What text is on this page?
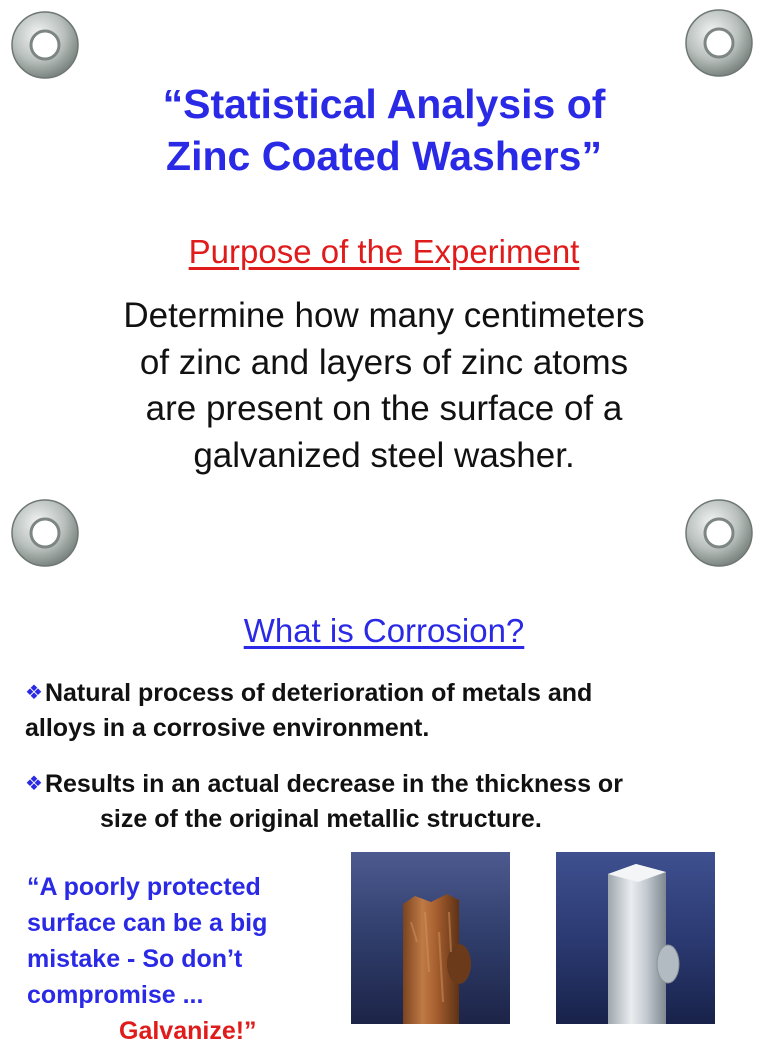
“Statistical Analysis of
Zinc Coated Washers”
Purpose of the Experiment
Determine how many centimeters
of zinc and layers of zinc atoms
are present on the surface of a
galvanized steel washer.
What is Corrosion?
❖Natural process of deterioration of metals and
alloys in a corrosive environment.
❖Results in an actual decrease in the thickness or
size of the original metallic structure.
“A poorly protected
surface can be a big
mistake - So don’t
compromise ...
Galvanize!”
